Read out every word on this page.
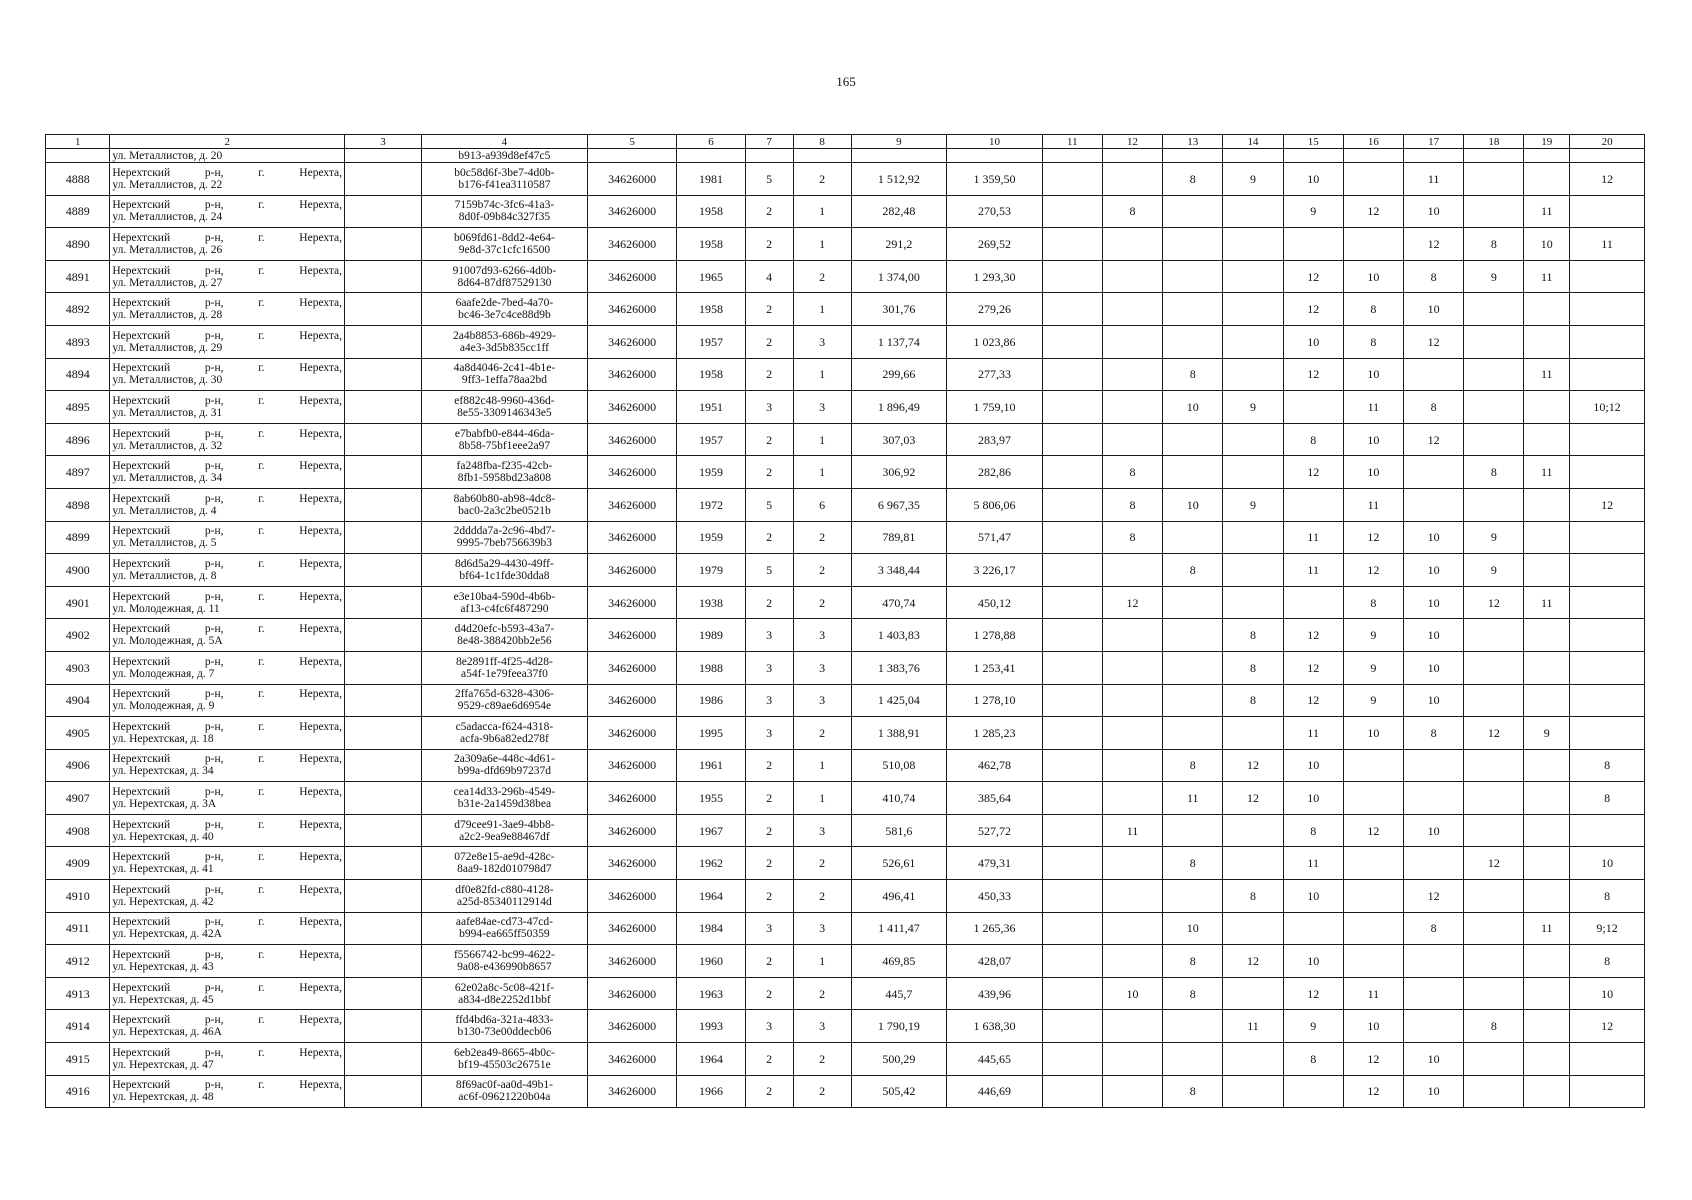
165
1	2	3	4	5	6	7	8	9	10	11	12	13	14	15	16	17	18	19	20
	ул. Металлистов, д. 20		b913-a939d8ef47c5																
4888	Нерехтский р-н, г. Нерехта,
ул. Металлистов, д. 22		b0c58d6f-3be7-4d0b-
b176-f41ea3110587	34626000	1981	5	2	1 512,92	1 359,50			8	9	10		11			12
4889	Нерехтский р-н, г. Нерехта,
ул. Металлистов, д. 24		7159b74c-3fc6-41a3-
8d0f-09b84c327f35	34626000	1958	2	1	282,48	270,53		8			9	12	10		11	
4890	Нерехтский р-н, г. Нерехта,
ул. Металлистов, д. 26		b069fd61-8dd2-4e64-
9e8d-37c1cfc16500	34626000	1958	2	1	291,2	269,52							12	8	10	11
4891	Нерехтский р-н, г. Нерехта,
ул. Металлистов, д. 27		91007d93-6266-4d0b-
8d64-87df87529130	34626000	1965	4	2	1 374,00	1 293,30					12	10	8	9	11	
4892	Нерехтский р-н, г. Нерехта,
ул. Металлистов, д. 28		6aafe2de-7bed-4a70-
bc46-3e7c4ce88d9b	34626000	1958	2	1	301,76	279,26					12	8	10			
4893	Нерехтский р-н, г. Нерехта,
ул. Металлистов, д. 29		2a4b8853-686b-4929-
a4e3-3d5b835cc1ff	34626000	1957	2	3	1 137,74	1 023,86					10	8	12			
4894	Нерехтский р-н, г. Нерехта,
ул. Металлистов, д. 30		4a8d4046-2c41-4b1e-
9ff3-1effa78aa2bd	34626000	1958	2	1	299,66	277,33			8		12	10			11	
4895	Нерехтский р-н, г. Нерехта,
ул. Металлистов, д. 31		ef882c48-9960-436d-
8e55-3309146343e5	34626000	1951	3	3	1 896,49	1 759,10			10	9		11	8			10;12
4896	Нерехтский р-н, г. Нерехта,
ул. Металлистов, д. 32		e7babfb0-e844-46da-
8b58-75bf1eee2a97	34626000	1957	2	1	307,03	283,97					8	10	12			
4897	Нерехтский р-н, г. Нерехта,
ул. Металлистов, д. 34		fa248fba-f235-42cb-
8fb1-5958bd23a808	34626000	1959	2	1	306,92	282,86		8			12	10		8	11	
4898	Нерехтский р-н, г. Нерехта,
ул. Металлистов, д. 4		8ab60b80-ab98-4dc8-
bac0-2a3c2be0521b	34626000	1972	5	6	6 967,35	5 806,06		8	10	9		11				12
4899	Нерехтский р-н, г. Нерехта,
ул. Металлистов, д. 5		2dddda7a-2c96-4bd7-
9995-7beb756639b3	34626000	1959	2	2	789,81	571,47		8			11	12	10	9		
4900	Нерехтский р-н, г. Нерехта,
ул. Металлистов, д. 8		8d6d5a29-4430-49ff-
bf64-1c1fde30dda8	34626000	1979	5	2	3 348,44	3 226,17			8		11	12	10	9		
4901	Нерехтский р-н, г. Нерехта,
ул. Молодежная, д. 11		e3e10ba4-590d-4b6b-
af13-c4fc6f487290	34626000	1938	2	2	470,74	450,12		12				8	10	12	11	
4902	Нерехтский р-н, г. Нерехта,
ул. Молодежная, д. 5А		d4d20efc-b593-43a7-
8e48-388420bb2e56	34626000	1989	3	3	1 403,83	1 278,88				8	12	9	10			
4903	Нерехтский р-н, г. Нерехта,
ул. Молодежная, д. 7		8e2891ff-4f25-4d28-
a54f-1e79feea37f0	34626000	1988	3	3	1 383,76	1 253,41				8	12	9	10			
4904	Нерехтский р-н, г. Нерехта,
ул. Молодежная, д. 9		2ffa765d-6328-4306-
9529-c89ae6d6954e	34626000	1986	3	3	1 425,04	1 278,10				8	12	9	10			
4905	Нерехтский р-н, г. Нерехта,
ул. Нерехтская, д. 18		c5adacca-f624-4318-
acfa-9b6a82ed278f	34626000	1995	3	2	1 388,91	1 285,23					11	10	8	12	9	
4906	Нерехтский р-н, г. Нерехта,
ул. Нерехтская, д. 34		2a309a6e-448c-4d61-
b99a-dfd69b97237d	34626000	1961	2	1	510,08	462,78			8	12	10					8
4907	Нерехтский р-н, г. Нерехта,
ул. Нерехтская, д. 3А		cea14d33-296b-4549-
b31e-2a1459d38bea	34626000	1955	2	1	410,74	385,64			11	12	10					8
4908	Нерехтский р-н, г. Нерехта,
ул. Нерехтская, д. 40		d79cee91-3ae9-4bb8-
a2c2-9ea9e88467df	34626000	1967	2	3	581,6	527,72		11			8	12	10			
4909	Нерехтский р-н, г. Нерехта,
ул. Нерехтская, д. 41		072e8e15-ae9d-428c-
8aa9-182d010798d7	34626000	1962	2	2	526,61	479,31			8		11			12		10
4910	Нерехтский р-н, г. Нерехта,
ул. Нерехтская, д. 42		df0e82fd-c880-4128-
a25d-85340112914d	34626000	1964	2	2	496,41	450,33				8	10		12			8
4911	Нерехтский р-н, г. Нерехта,
ул. Нерехтская, д. 42А		aafe84ae-cd73-47cd-
b994-ea665ff50359	34626000	1984	3	3	1 411,47	1 265,36			10				8		11	9;12
4912	Нерехтский р-н, г. Нерехта,
ул. Нерехтская, д. 43		f5566742-bc99-4622-
9a08-e436990b8657	34626000	1960	2	1	469,85	428,07			8	12	10					8
4913	Нерехтский р-н, г. Нерехта,
ул. Нерехтская, д. 45		62e02a8c-5c08-421f-
a834-d8e2252d1bbf	34626000	1963	2	2	445,7	439,96		10	8		12	11				10
4914	Нерехтский р-н, г. Нерехта,
ул. Нерехтская, д. 46А		ffd4bd6a-321a-4833-
b130-73e00ddecb06	34626000	1993	3	3	1 790,19	1 638,30				11	9	10		8		12
4915	Нерехтский р-н, г. Нерехта,
ул. Нерехтская, д. 47		6eb2ea49-8665-4b0c-
bf19-45503c26751e	34626000	1964	2	2	500,29	445,65					8	12	10			
4916	Нерехтский р-н, г. Нерехта,
ул. Нерехтская, д. 48		8f69ac0f-aa0d-49b1-
ac6f-09621220b04a	34626000	1966	2	2	505,42	446,69			8			12	10			
